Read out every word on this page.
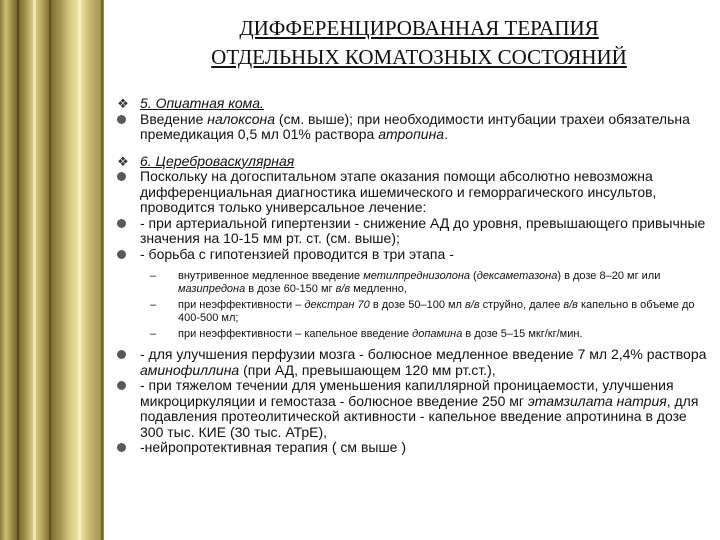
ДИФФЕРЕНЦИРОВАННАЯ ТЕРАПИЯ
ОТДЕЛЬНЫХ КОМАТОЗНЫХ СОСТОЯНИЙ
❖ 5. Опиатная кома.
Введение налоксона (см. выше); при необходимости интубации трахеи обязательна премедикация 0,5 мл 01% раствора атропина.
❖ 6. Цереброваскулярная
Поскольку на догоспитальном этапе оказания помощи абсолютно невозможна дифференциальная диагностика ишемического и геморрагического инсультов, проводится только универсальное лечение:
- при артериальной гипертензии - снижение АД до уровня, превышающего привычные значения на 10-15 мм рт. ст. (см. выше);
- борьба с гипотензией проводится в три этапа -
–	внутривенное медленное введение метилпреднизолона (дексаметазона) в дозе 8–20 мг или мазипредона в дозе 60-150 мг в/в медленно,
–	при неэффективности – декстран 70 в дозе 50–100 мл в/в струйно, далее в/в капельно в объеме до 400-500 мл;
–	при неэффективности – капельное введение допамина в дозе 5–15 мкг/кг/мин.
- для улучшения перфузии мозга - болюсное медленное введение 7 мл 2,4% раствора аминофиллина (при АД, превышающем 120 мм рт.ст.),
- при тяжелом течении для уменьшения капиллярной проницаемости, улучшения микроциркуляции и гемостаза - болюсное введение 250 мг этамзилата натрия, для подавления протеолитической активности - капельное введение апротинина в дозе 300 тыс. КИЕ (30 тыс. АТрЕ),
-нейропротективная терапия ( см выше )
